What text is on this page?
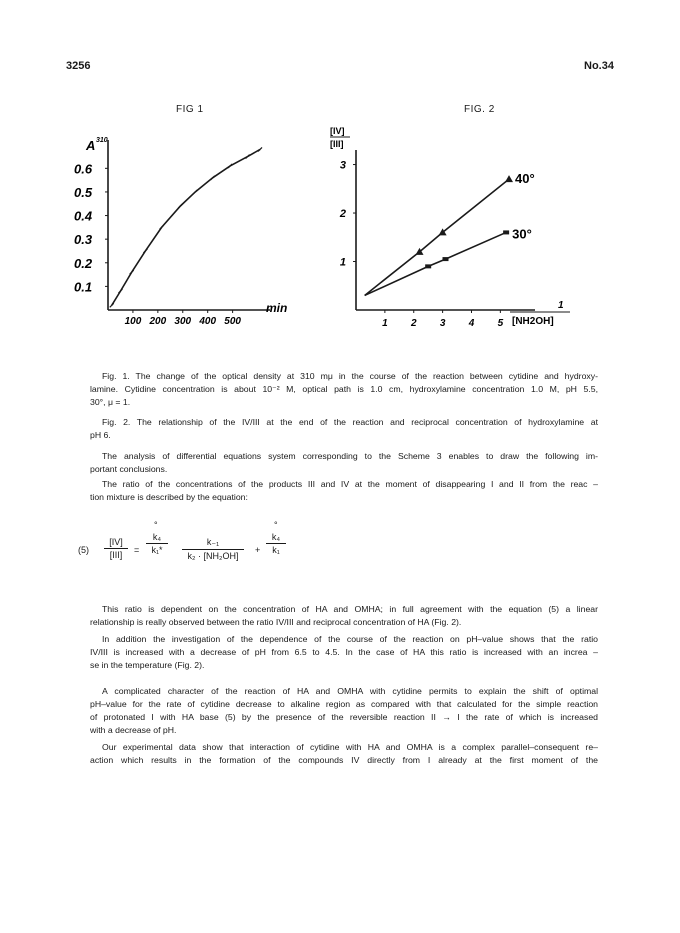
3256	No.34
FIG 1	FIG. 2
0.1
0.2
0.3
0.4
0.5
0.6
100 200 300 400 500
A 310
min
1
2
3
1 2 3 4 5
40°
30°
[IV]
[III]
1
[NH2OH]
Fig. 1. The change of the optical density at 310 mμ in the course of the reaction between cytidine and hydroxy-
lamine. Cytidine concentration is about 10⁻² M, optical path is 1.0 cm, hydroxylamine concentration 1.0 M, pH 5.5,
30°, μ = 1.
Fig. 2. The relationship of the IV/III at the end of the reaction and reciprocal concentration of hydroxylamine at
pH 6.
The analysis of differential equations system corresponding to the Scheme 3 enables to draw the following im-
portant conclusions.
The ratio of the concentrations of the products III and IV at the moment of disappearing I and II from the reac –
tion mixture is described by the equation:
(5)
[IV]
[III]	=
°
k₄
k₁*
k₋₁
k₂ · [NH₂OH]
+
°
k₄
k₁
This ratio is dependent on the concentration of HA and OMHA; in full agreement with the equation (5) a linear
relationship is really observed between the ratio IV/III and reciprocal concentration of HA (Fig. 2).
In addition the investigation of the dependence of the course of the reaction on pH–value shows that the ratio
IV/III is increased with a decrease of pH from 6.5 to 4.5. In the case of HA this ratio is increased with an increa –
se in the temperature (Fig. 2).
A complicated character of the reaction of HA and OMHA with cytidine permits to explain the shift of optimal
pH–value for the rate of cytidine decrease to alkaline region as compared with that calculated for the simple reaction
of protonated I with HA base (5) by the presence of the reversible reaction II → I the rate of which is increased
with a decrease of pH.
Our experimental data show that interaction of cytidine with HA and OMHA is a complex parallel–consequent re–
action which results in the formation of the compounds IV directly from I already at the first moment of the
